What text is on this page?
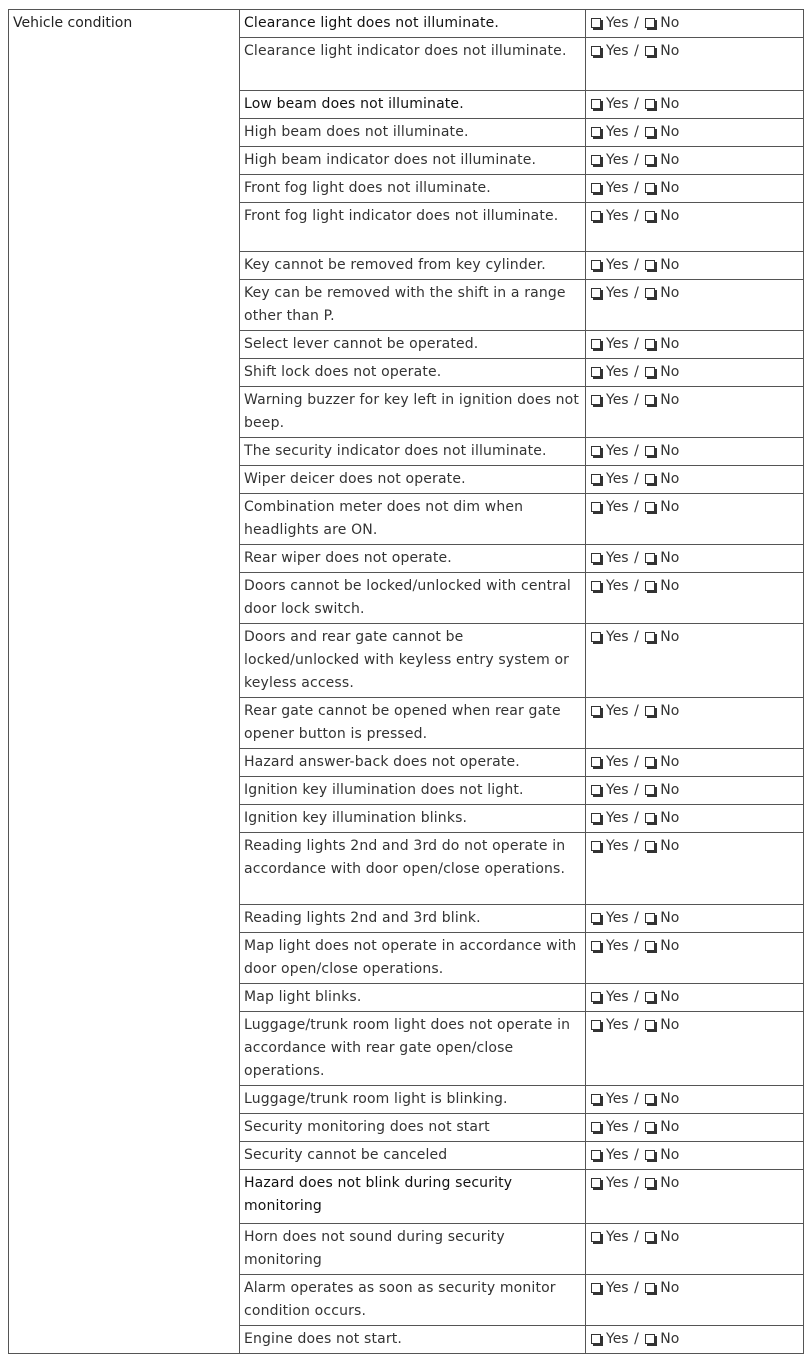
Vehicle condition	Clearance light does not illuminate.	Yes / No
	Clearance light indicator does not illuminate.	Yes / No
	Low beam does not illuminate.	Yes / No
	High beam does not illuminate.	Yes / No
	High beam indicator does not illuminate.	Yes / No
	Front fog light does not illuminate.	Yes / No
	Front fog light indicator does not illuminate.	Yes / No
	Key cannot be removed from key cylinder.	Yes / No
	Key can be removed with the shift in a range other than P.	Yes / No
	Select lever cannot be operated.	Yes / No
	Shift lock does not operate.	Yes / No
	Warning buzzer for key left in ignition does not beep.	Yes / No
	The security indicator does not illuminate.	Yes / No
	Wiper deicer does not operate.	Yes / No
	Combination meter does not dim when headlights are ON.	Yes / No
	Rear wiper does not operate.	Yes / No
	Doors cannot be locked/unlocked with central door lock switch.	Yes / No
	Doors and rear gate cannot be locked/unlocked with keyless entry system or keyless access.	Yes / No
	Rear gate cannot be opened when rear gate opener button is pressed.	Yes / No
	Hazard answer-back does not operate.	Yes / No
	Ignition key illumination does not light.	Yes / No
	Ignition key illumination blinks.	Yes / No
	Reading lights 2nd and 3rd do not operate in accordance with door open/close operations.	Yes / No
	Reading lights 2nd and 3rd blink.	Yes / No
	Map light does not operate in accordance with door open/close operations.	Yes / No
	Map light blinks.	Yes / No
	Luggage/trunk room light does not operate in accordance with rear gate open/close operations.	Yes / No
	Luggage/trunk room light is blinking.	Yes / No
	Security monitoring does not start	Yes / No
	Security cannot be canceled	Yes / No
	Hazard does not blink during security monitoring	Yes / No
	Horn does not sound during security monitoring	Yes / No
	Alarm operates as soon as security monitor condition occurs.	Yes / No
	Engine does not start.	Yes / No
